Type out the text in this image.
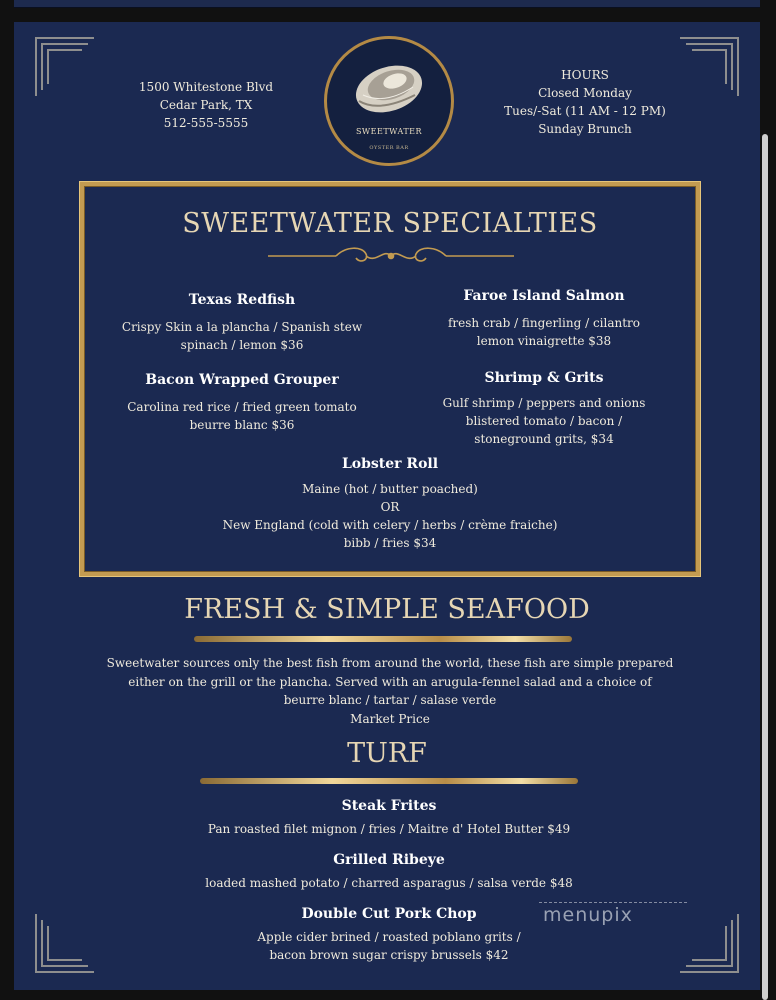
1500 Whitestone Blvd
Cedar Park, TX
512-555-5555
SWEETWATER
OYSTER BAR
HOURS
Closed Monday
Tues/-Sat (11 AM - 12 PM)
Sunday Brunch
SWEETWATER SPECIALTIES
Texas Redfish
Crispy Skin a la plancha / Spanish stew
spinach / lemon $36
Faroe Island Salmon
fresh crab / fingerling / cilantro
lemon vinaigrette $38
Bacon Wrapped Grouper
Carolina red rice / fried green tomato
beurre blanc $36
Shrimp & Grits
Gulf shrimp / peppers and onions
blistered tomato / bacon /
stoneground grits, $34
Lobster Roll
Maine (hot / butter poached)
OR
New England (cold with celery / herbs / crème fraiche)
bibb / fries $34
FRESH & SIMPLE SEAFOOD
Sweetwater sources only the best fish from around the world, these fish are simple prepared
either on the grill or the plancha. Served with an arugula-fennel salad and a choice of
beurre blanc / tartar / salase verde
Market Price
TURF
Steak Frites
Pan roasted filet mignon / fries / Maitre d' Hotel Butter $49
Grilled Ribeye
loaded mashed potato / charred asparagus / salsa verde $48
Double Cut Pork Chop
Apple cider brined / roasted poblano grits /
bacon brown sugar crispy brussels $42
menupix
